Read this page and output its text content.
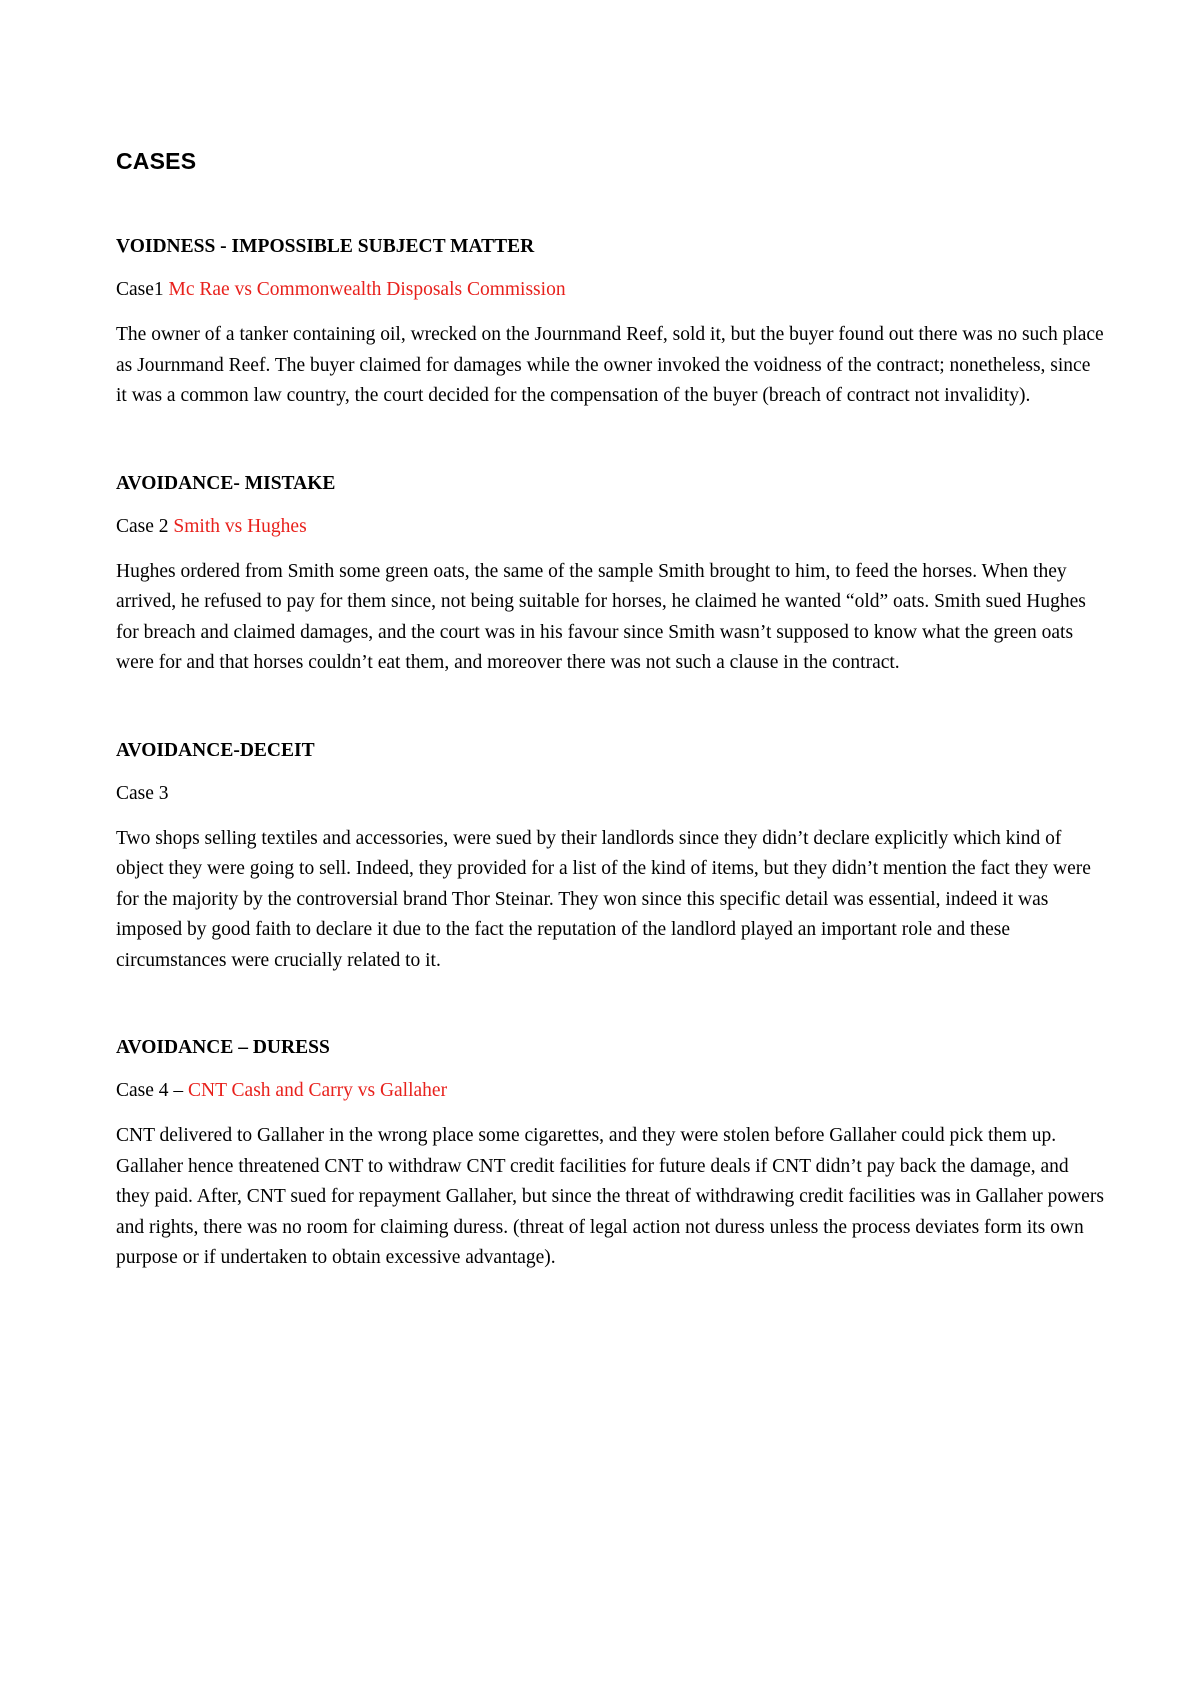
CASES
VOIDNESS - IMPOSSIBLE SUBJECT MATTER
Case1 Mc Rae vs Commonwealth Disposals Commission

The owner of a tanker containing oil, wrecked on the Journmand Reef, sold it, but the buyer found out there was no such place as Journmand Reef. The buyer claimed for damages while the owner invoked the voidness of the contract; nonetheless, since it was a common law country, the court decided for the compensation of the buyer (breach of contract not invalidity).

AVOIDANCE- MISTAKE
Case 2 Smith vs Hughes

Hughes ordered from Smith some green oats, the same of the sample Smith brought to him, to feed the horses. When they arrived, he refused to pay for them since, not being suitable for horses, he claimed he wanted “old” oats. Smith sued Hughes for breach and claimed damages, and the court was in his favour since Smith wasn’t supposed to know what the green oats were for and that horses couldn’t eat them, and moreover there was not such a clause in the contract.

AVOIDANCE-DECEIT
Case 3

Two shops selling textiles and accessories, were sued by their landlords since they didn’t declare explicitly which kind of object they were going to sell. Indeed, they provided for a list of the kind of items, but they didn’t mention the fact they were for the majority by the controversial brand Thor Steinar. They won since this specific detail was essential, indeed it was imposed by good faith to declare it due to the fact the reputation of the landlord played an important role and these circumstances were crucially related to it.

AVOIDANCE – DURESS
Case 4 – CNT Cash and Carry vs Gallaher

CNT delivered to Gallaher in the wrong place some cigarettes, and they were stolen before Gallaher could pick them up. Gallaher hence threatened CNT to withdraw CNT credit facilities for future deals if CNT didn’t pay back the damage, and they paid. After, CNT sued for repayment Gallaher, but since the threat of withdrawing credit facilities was in Gallaher powers and rights, there was no room for claiming duress. (threat of legal action not duress unless the process deviates form its own purpose or if undertaken to obtain excessive advantage).
